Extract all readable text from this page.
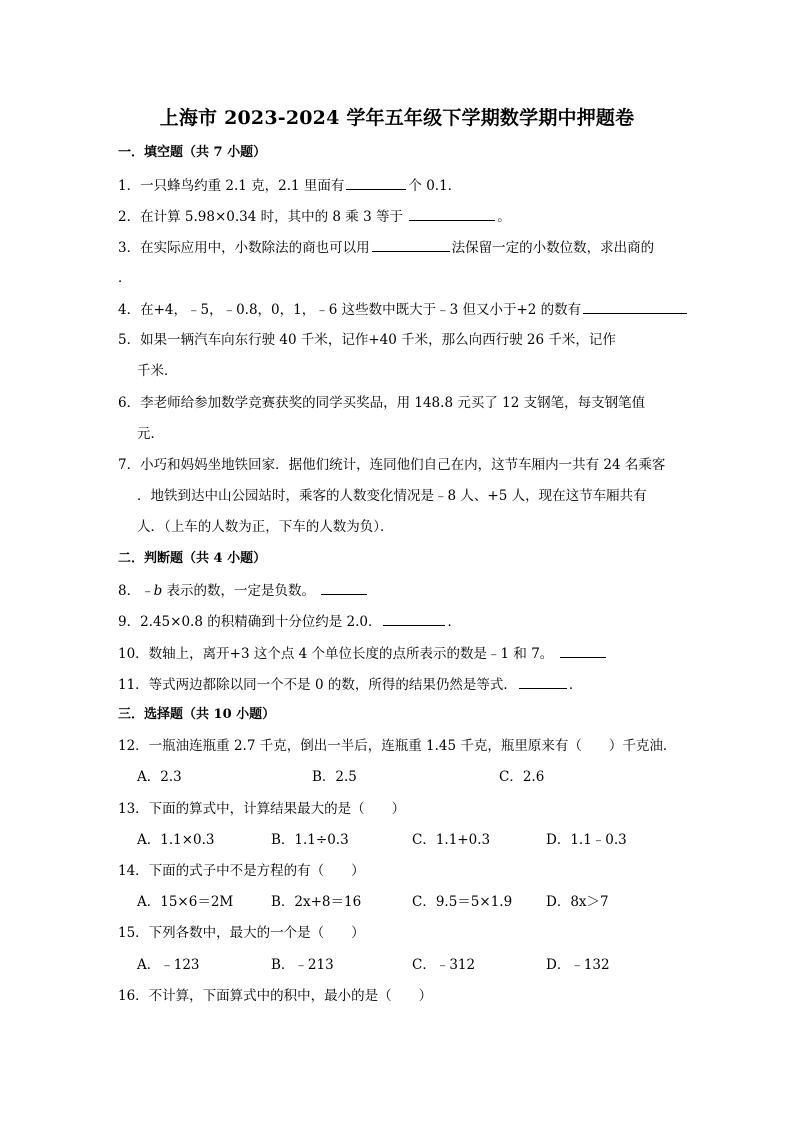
上海市 2023-2024 学年五年级下学期数学期中押题卷
一．填空题（共 7 小题）
1．一只蜂鸟约重 2.1 克，2.1 里面有	个 0.1．
2．在计算 5.98×0.34 时，其中的 8 乘 3 等于	。
3．在实际应用中，小数除法的商也可以用	法保留一定的小数位数，求出商的
．
4．在+4，﹣5，﹣0.8，0，1，﹣6 这些数中既大于﹣3 但又小于+2 的数有
5．如果一辆汽车向东行驶 40 千米，记作+40 千米，那么向西行驶 26 千米，记作
千米．
6．李老师给参加数学竞赛获奖的同学买奖品，用 148.8 元买了 12 支钢笔，每支钢笔值
元．
7．小巧和妈妈坐地铁回家．据他们统计，连同他们自己在内，这节车厢内一共有 24 名乘客
．地铁到达中山公园站时，乘客的人数变化情况是﹣8 人、+5 人，现在这节车厢共有
人．（上车的人数为正，下车的人数为负）．
二．判断题（共 4 小题）
8．﹣b 表示的数，一定是负数。
9．2.45×0.8 的积精确到十分位约是 2.0．	．
10．数轴上，离开+3 这个点 4 个单位长度的点所表示的数是﹣1 和 7。
11．等式两边都除以同一个不是 0 的数，所得的结果仍然是等式．	．
三．选择题（共 10 小题）
12．一瓶油连瓶重 2.7 千克，倒出一半后，连瓶重 1.45 千克，瓶里原来有（　　）千克油．
A．2.3	B．2.5	C．2.6
13．下面的算式中，计算结果最大的是（　　）
A．1.1×0.3	B．1.1÷0.3	C．1.1+0.3	D．1.1﹣0.3
14．下面的式子中不是方程的有（　　）
A．15×6＝2M	B．2x+8＝16	C．9.5＝5×1.9	D．8x＞7
15．下列各数中，最大的一个是（　　）
A．﹣123	B．﹣213	C．﹣312	D．﹣132
16．不计算，下面算式中的积中，最小的是（　　）
